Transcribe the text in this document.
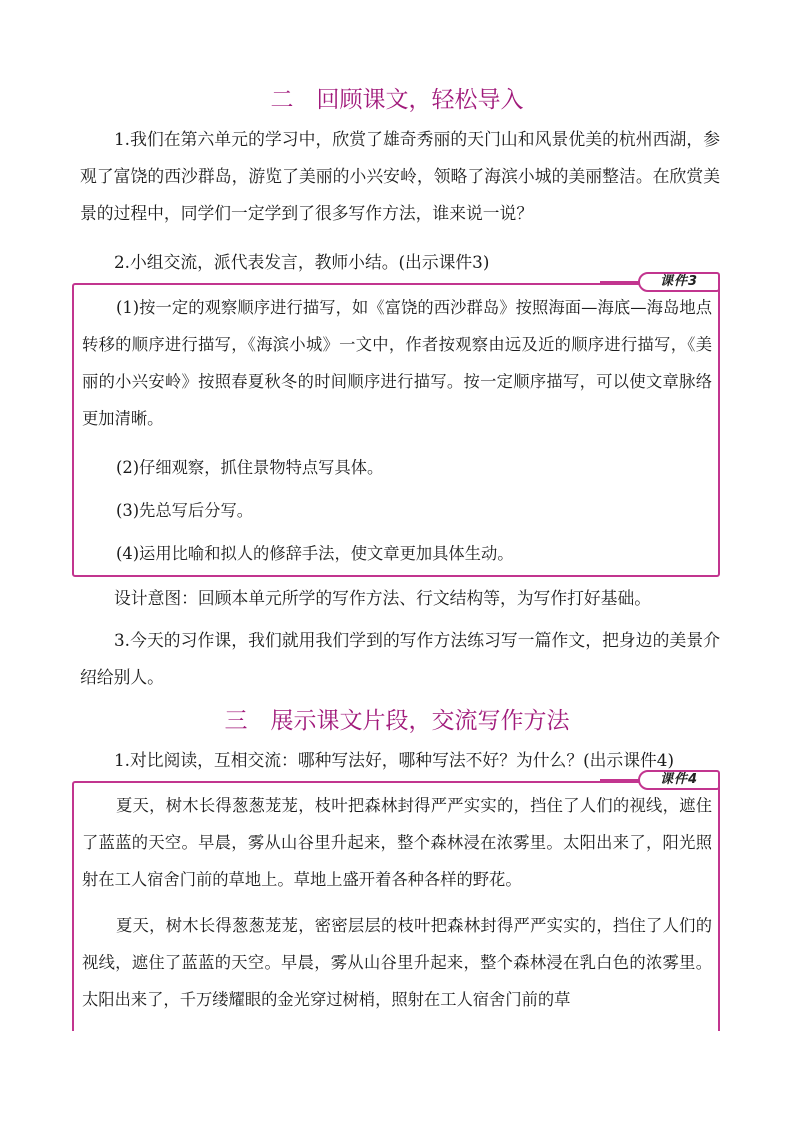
二　回顾课文，轻松导入
1.我们在第六单元的学习中，欣赏了雄奇秀丽的天门山和风景优美的杭州西湖，参观了富饶的西沙群岛，游览了美丽的小兴安岭，领略了海滨小城的美丽整洁。在欣赏美景的过程中，同学们一定学到了很多写作方法，谁来说一说？
2.小组交流，派代表发言，教师小结。(出示课件3)
课件3
(1)按一定的观察顺序进行描写，如《富饶的西沙群岛》按照海面—海底—海岛地点转移的顺序进行描写，《海滨小城》一文中，作者按观察由远及近的顺序进行描写，《美丽的小兴安岭》按照春夏秋冬的时间顺序进行描写。按一定顺序描写，可以使文章脉络更加清晰。
(2)仔细观察，抓住景物特点写具体。
(3)先总写后分写。
(4)运用比喻和拟人的修辞手法，使文章更加具体生动。
设计意图：回顾本单元所学的写作方法、行文结构等，为写作打好基础。
3.今天的习作课，我们就用我们学到的写作方法练习写一篇作文，把身边的美景介绍给别人。
三　展示课文片段，交流写作方法
1.对比阅读，互相交流：哪种写法好，哪种写法不好？为什么？(出示课件4)
课件4
夏天，树木长得葱葱茏茏，枝叶把森林封得严严实实的，挡住了人们的视线，遮住了蓝蓝的天空。早晨，雾从山谷里升起来，整个森林浸在浓雾里。太阳出来了，阳光照射在工人宿舍门前的草地上。草地上盛开着各种各样的野花。
夏天，树木长得葱葱茏茏，密密层层的枝叶把森林封得严严实实的，挡住了人们的视线，遮住了蓝蓝的天空。早晨，雾从山谷里升起来，整个森林浸在乳白色的浓雾里。太阳出来了，千万缕耀眼的金光穿过树梢，照射在工人宿舍门前的草
